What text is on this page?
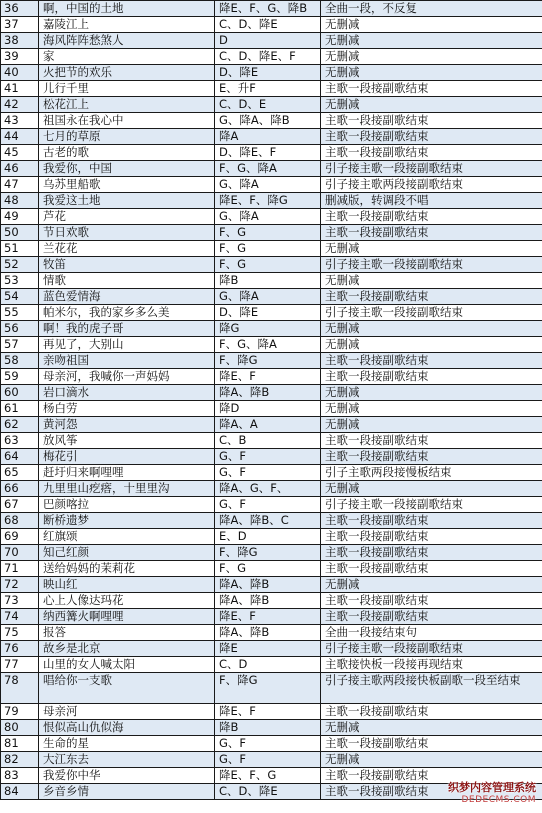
36	啊，中国的土地	降E、F、G、降B	全曲一段，不反复
37	嘉陵江上	C、D、降E	无删减
38	海风阵阵愁煞人	D	无删减
39	家	C、D、降E、F	无删减
40	火把节的欢乐	D、降E	无删减
41	儿行千里	E、升F	主歌一段接副歌结束
42	松花江上	C、D、E	无删减
43	祖国永在我心中	G、降A、降B	主歌一段接副歌结束
44	七月的草原	降A	主歌一段接副歌结束
45	古老的歌	D、降E、F	主歌一段接副歌结束
46	我爱你，中国	F、G、降A	引子接主歌一段接副歌结束
47	乌苏里船歌	G、降A	引子接主歌两段接副歌结束
48	我爱这土地	降E、F、降G	删减版，转调段不唱
49	芦花	G、降A	主歌一段接副歌结束
50	节日欢歌	F、G	主歌一段接副歌结束
51	兰花花	F、G	无删减
52	牧笛	F、G	引子接主歌一段接副歌结束
53	情歌	降B	无删减
54	蓝色爱情海	G、降A	主歌一段接副歌结束
55	帕米尔，我的家乡多么美	D、降E	引子接主歌一段接副歌结束
56	啊！我的虎子哥	降G	无删减
57	再见了，大别山	F、G、降A	无删减
58	亲吻祖国	F、降G	主歌一段接副歌结束
59	母亲河，我喊你一声妈妈	降E、F	主歌一段接副歌结束
60	岩口滴水	降A、降B	无删减
61	杨白劳	降D	无删减
62	黄河怨	降A、A	无删减
63	放风筝	C、B	主歌一段接副歌结束
64	梅花引	G、F	主歌一段接副歌结束
65	赶圩归来啊哩哩	G、F	引子主歌两段接慢板结束
66	九里里山疙瘩，十里里沟	降A、G、F、	无删减
67	巴颜喀拉	G、F	引子接主歌一段接副歌结束
68	断桥遗梦	降A、降B、C	主歌一段接副歌结束
69	红旗颂	E、D	主歌一段接副歌结束
70	知己红颜	F、降G	主歌一段接副歌结束
71	送给妈妈的茉莉花	F、G	主歌一段接副歌结束
72	映山红	降A、降B	无删减
73	心上人像达玛花	降A、降B	主歌一段接副歌结束
74	纳西篝火啊哩哩	降E、F	主歌一段接副歌结束
75	报答	降A、降B	全曲一段接结束句
76	故乡是北京	降E	引子接主歌一段接副歌结束
77	山里的女人喊太阳	C、D	主歌接快板一段接再现结束
78	唱给你一支歌	F、降G	引子接主歌两段接快板副歌一段至结束
79	母亲河	降E、F	主歌一段接副歌结束
80	恨似高山仇似海	降B	无删减
81	生命的星	G、F	主歌一段接副歌结束
82	大江东去	G、F	无删减
83	我爱你中华	降E、F、G	主歌一段接副歌结束
84	乡音乡情	C、D、降E	主歌一段接副歌结束 织梦内容管理系统
DEDECMS.COM
